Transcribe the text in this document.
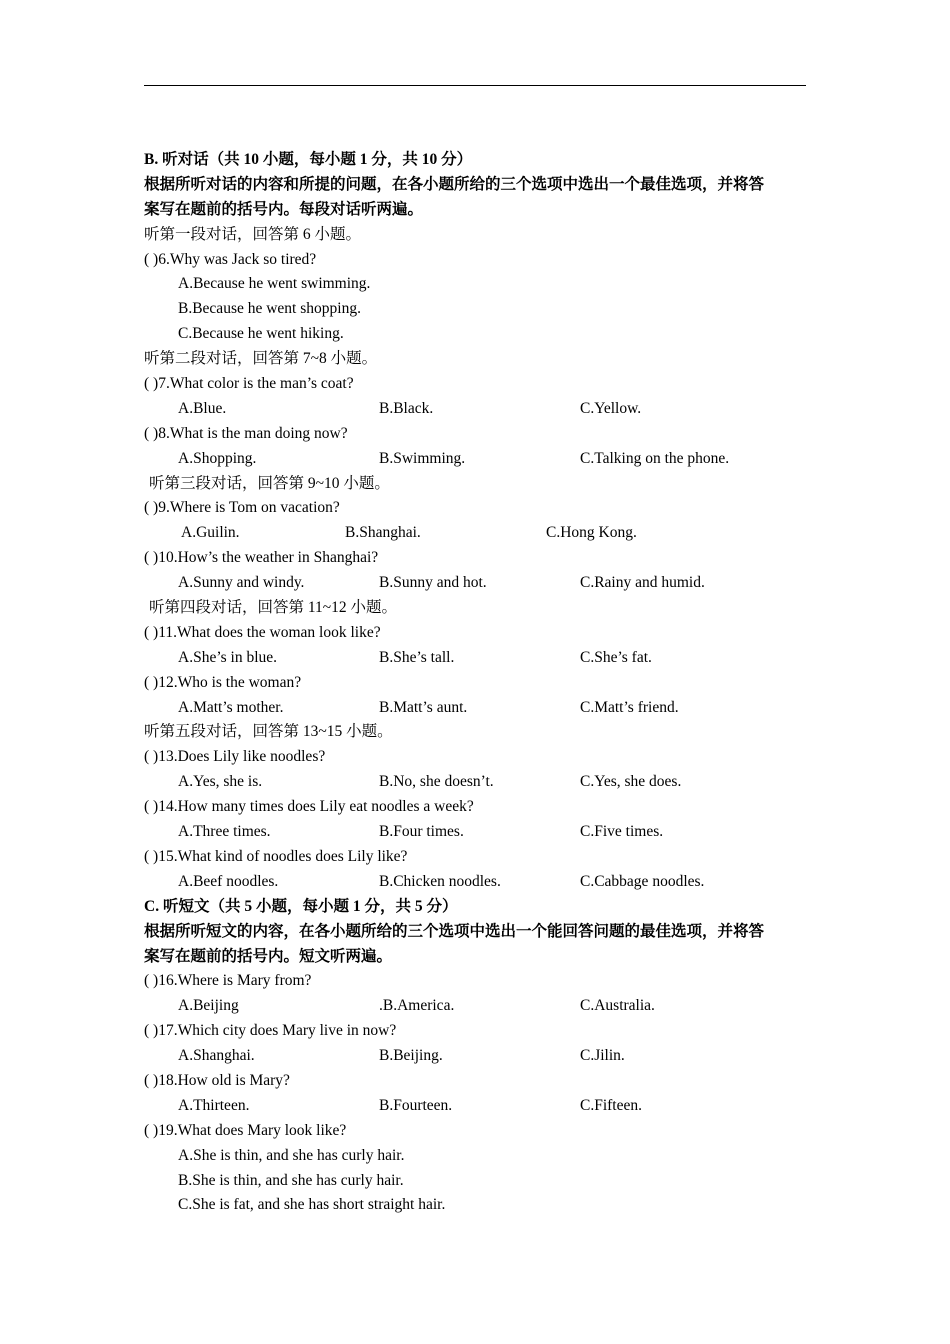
B. 听对话（共 10 小题，每小题 1 分，共 10 分）
根据所听对话的内容和所提的问题，在各小题所给的三个选项中选出一个最佳选项，并将答
案写在题前的括号内。每段对话听两遍。
听第一段对话，回答第 6 小题。
( )6.Why was Jack so tired?
A.Because he went swimming.
B.Because he went shopping.
C.Because he went hiking.
听第二段对话，回答第 7~8 小题。
( )7.What color is the man’s coat?
A.Blue.	B.Black.	C.Yellow.
( )8.What is the man doing now?
A.Shopping.	B.Swimming.	C.Talking on the phone.
听第三段对话，回答第 9~10 小题。
( )9.Where is Tom on vacation?
A.Guilin.	B.Shanghai.	C.Hong Kong.
( )10.How’s the weather in Shanghai?
A.Sunny and windy.	B.Sunny and hot.	C.Rainy and humid.
听第四段对话，回答第 11~12 小题。
( )11.What does the woman look like?
A.She’s in blue.	B.She’s tall.	C.She’s fat.
( )12.Who is the woman?
A.Matt’s mother.	B.Matt’s aunt.	C.Matt’s friend.
听第五段对话，回答第 13~15 小题。
( )13.Does Lily like noodles?
A.Yes, she is.	B.No, she doesn’t.	C.Yes, she does.
( )14.How many times does Lily eat noodles a week?
A.Three times.	B.Four times.	C.Five times.
( )15.What kind of noodles does Lily like?
A.Beef noodles.	B.Chicken noodles.	C.Cabbage noodles.
C. 听短文（共 5 小题，每小题 1 分，共 5 分）
根据所听短文的内容，在各小题所给的三个选项中选出一个能回答问题的最佳选项，并将答
案写在题前的括号内。短文听两遍。
( )16.Where is Mary from?
A.Beijing	.B.America.	C.Australia.
( )17.Which city does Mary live in now?
A.Shanghai.	B.Beijing.	C.Jilin.
( )18.How old is Mary?
A.Thirteen.	B.Fourteen.	C.Fifteen.
( )19.What does Mary look like?
A.She is thin, and she has curly hair.
B.She is thin, and she has curly hair.
C.She is fat, and she has short straight hair.
